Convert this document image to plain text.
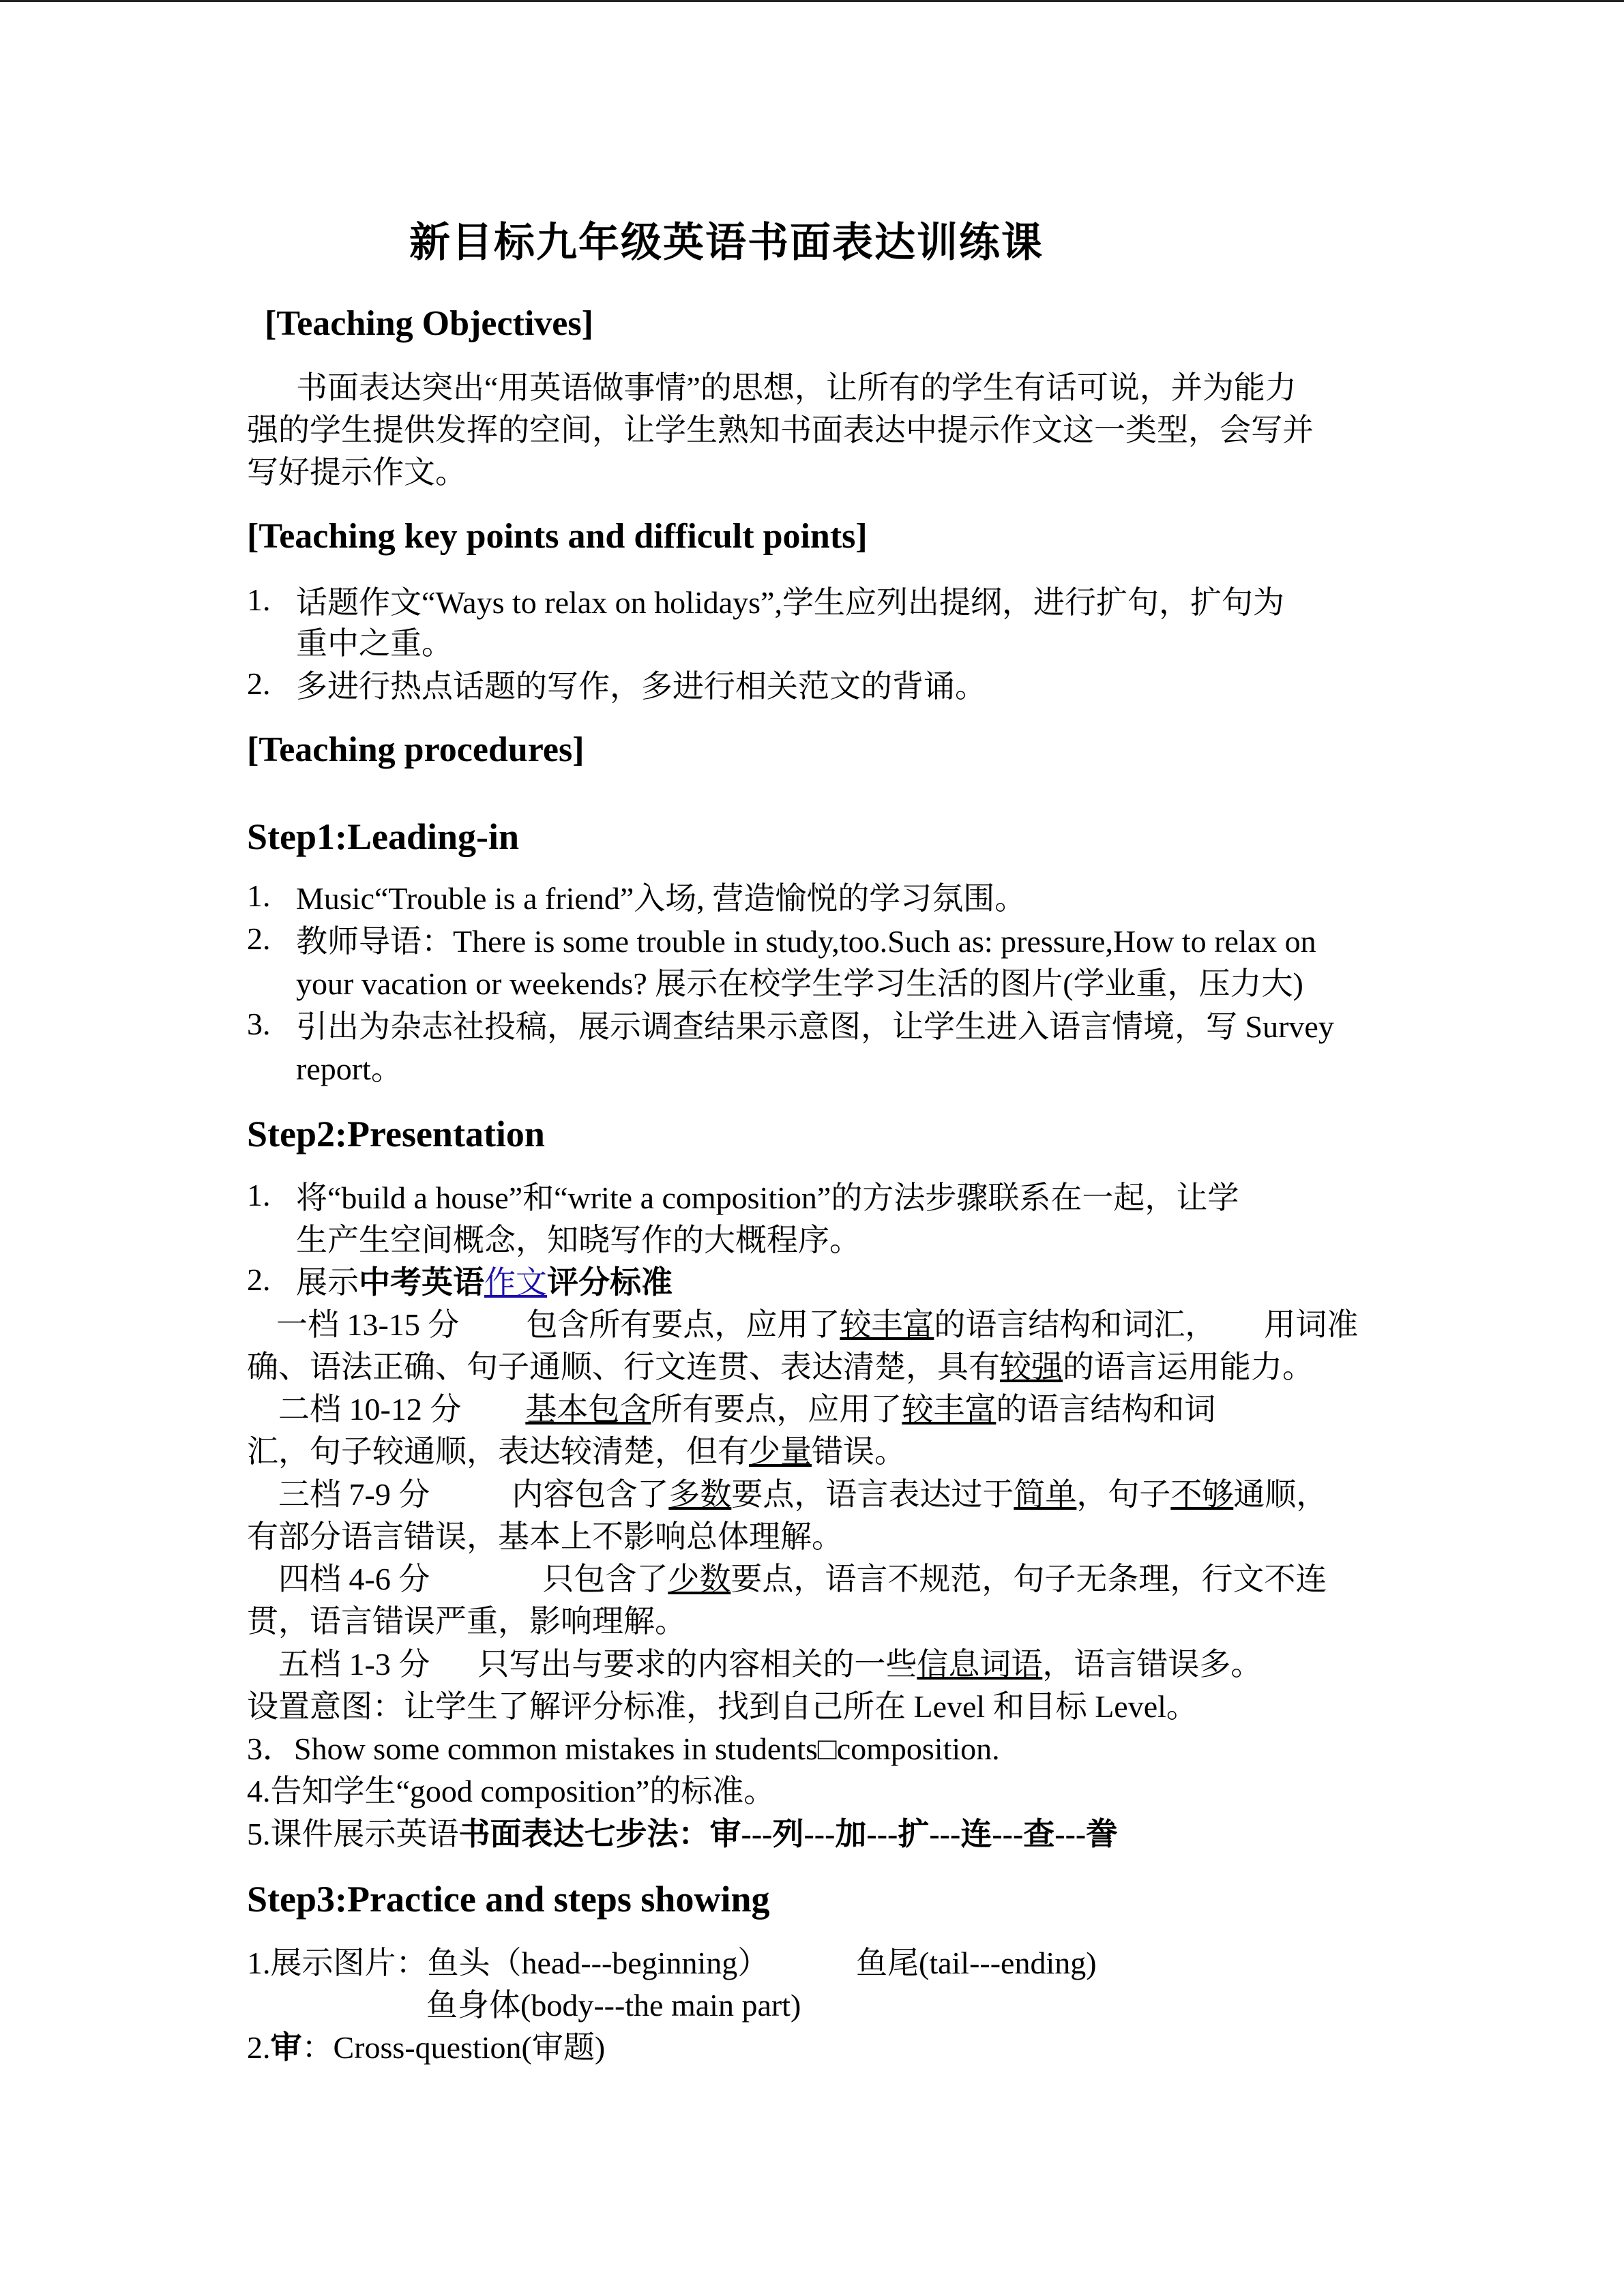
新目标九年级英语书面表达训练课
[Teaching Objectives]
书面表达突出“用英语做事情”的思想，让所有的学生有话可说，并为能力
强的学生提供发挥的空间，让学生熟知书面表达中提示作文这一类型，会写并
写好提示作文。
[Teaching key points and difficult points]
1. 话题作文“Ways to relax on holidays”,学生应列出提纲，进行扩句，扩句为
重中之重。
2. 多进行热点话题的写作，多进行相关范文的背诵。
[Teaching procedures]
Step1:Leading-in
1. Music“Trouble is a friend”入场, 营造愉悦的学习氛围。
2. 教师导语：There is some trouble in study,too.Such as: pressure,How to relax on
your vacation or weekends? 展示在校学生学习生活的图片(学业重，压力大)
3. 引出为杂志社投稿，展示调查结果示意图，让学生进入语言情境，写 Survey
report。
Step2:Presentation
1. 将“build a house”和“write a composition”的方法步骤联系在一起，让学
生产生空间概念，知晓写作的大概程序。
2. 展示中考英语作文评分标准
一档 13-15 分 包含所有要点，应用了较丰富的语言结构和词汇， 用词准
确、语法正确、句子通顺、行文连贯、表达清楚，具有较强的语言运用能力。
二档 10-12 分 基本包含所有要点，应用了较丰富的语言结构和词
汇，句子较通顺，表达较清楚，但有少量错误。
三档 7-9 分	内容包含了多数要点，语言表达过于简单，句子不够通顺，
有部分语言错误，基本上不影响总体理解。
四档 4-6 分	只包含了少数要点，语言不规范，句子无条理，行文不连
贯，语言错误严重，影响理解。
五档 1-3 分 只写出与要求的内容相关的一些信息词语，语言错误多。
设置意图：让学生了解评分标准，找到自己所在 Level 和目标 Level。
3．Show some common mistakes in students□composition.
4.告知学生“good composition”的标准。
5.课件展示英语书面表达七步法：审---列---加---扩---连---查---誊
Step3:Practice and steps showing
1.展示图片：鱼头（head---beginning）	鱼尾(tail---ending)
鱼身体(body---the main part)
2.审：Cross-question(审题)
